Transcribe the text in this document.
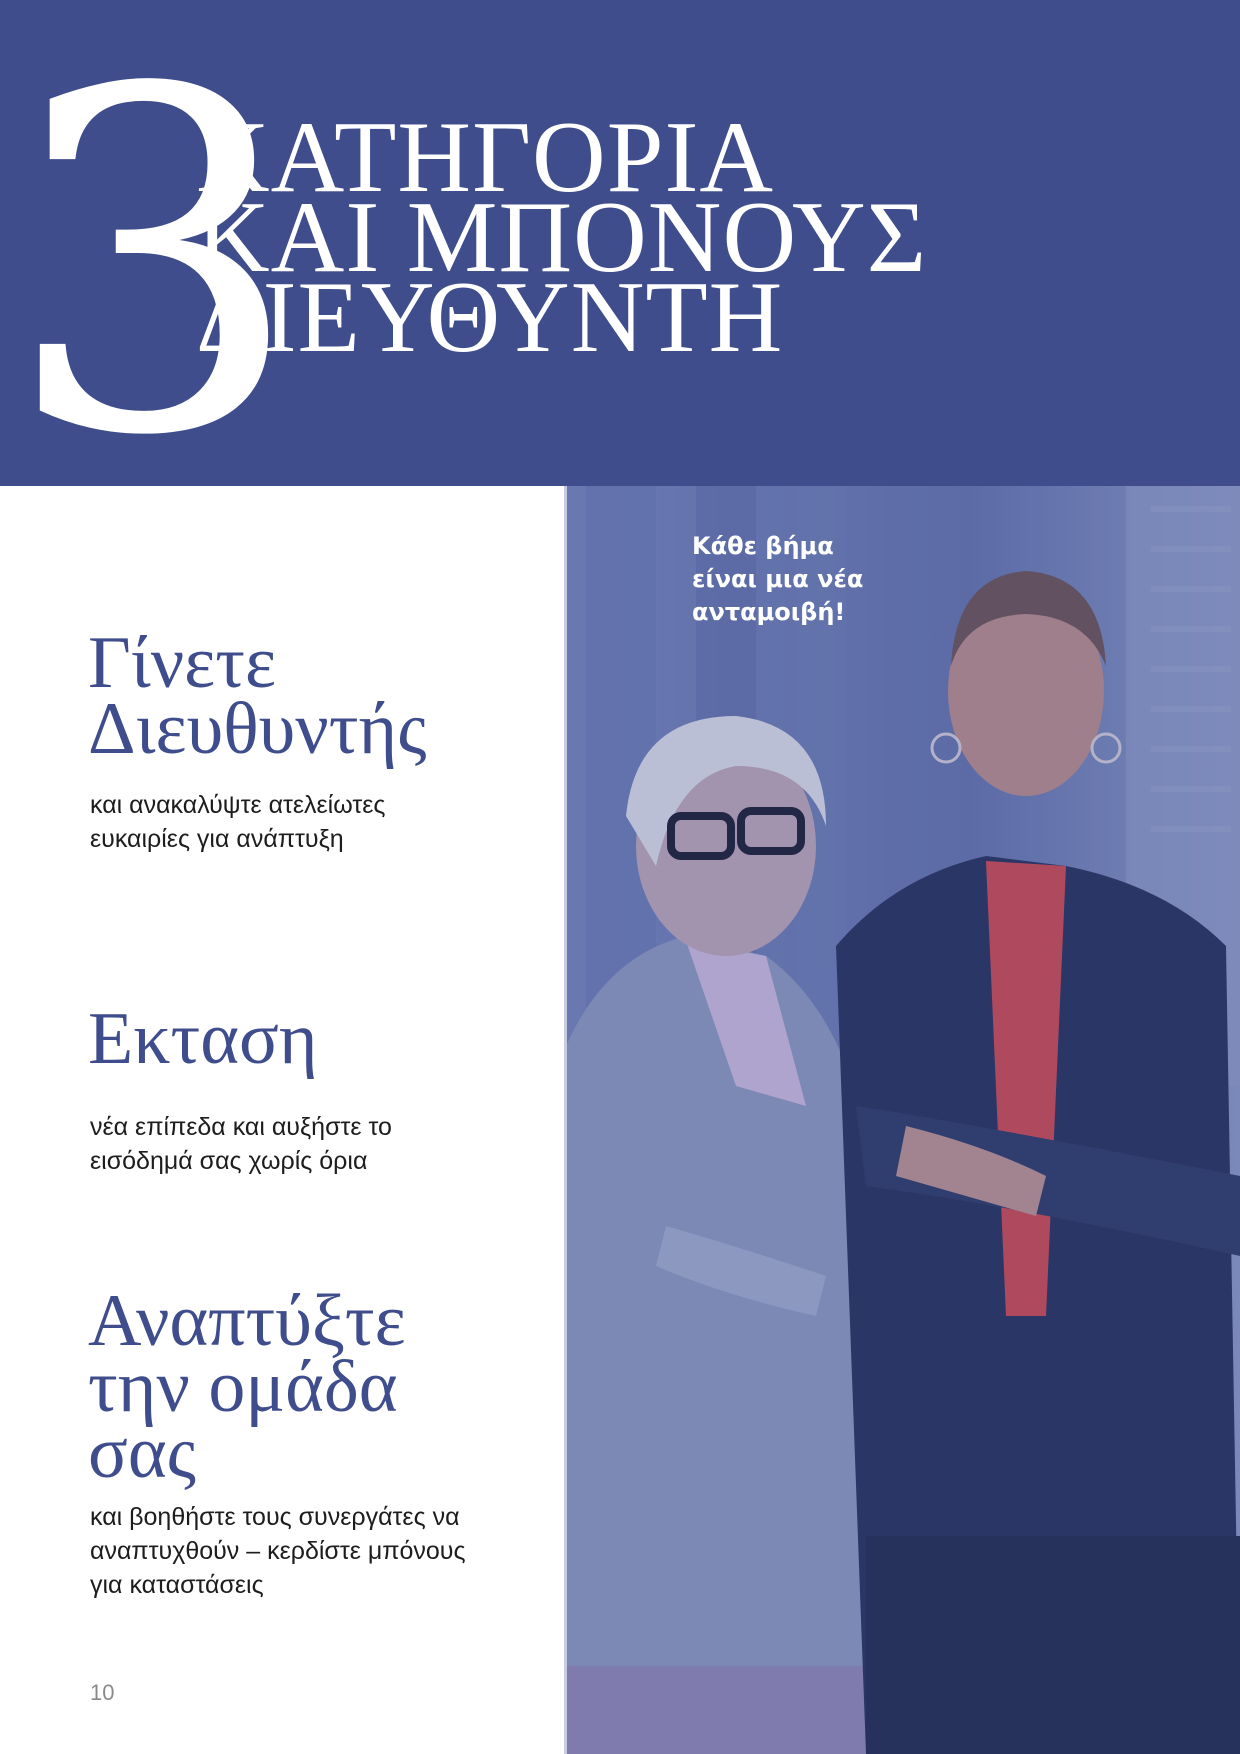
3
ΚΑΤΗΓΟΡΙΑ
ΚΑΙ ΜΠΟΝΟΥΣ
ΔΙΕΥΘΥΝΤΗ
Γίνετε
Διευθυντής
και ανακαλύψτε ατελείωτες
ευκαιρίες για ανάπτυξη
Εκταση
νέα επίπεδα και αυξήστε το
εισόδημά σας χωρίς όρια
Αναπτύξτε
την ομάδα
σας
και βοηθήστε τους συνεργάτες να
αναπτυχθούν – κερδίστε μπόνους
για καταστάσεις
10
Κάθε βήμα
είναι μια νέα
ανταμοιβή!
